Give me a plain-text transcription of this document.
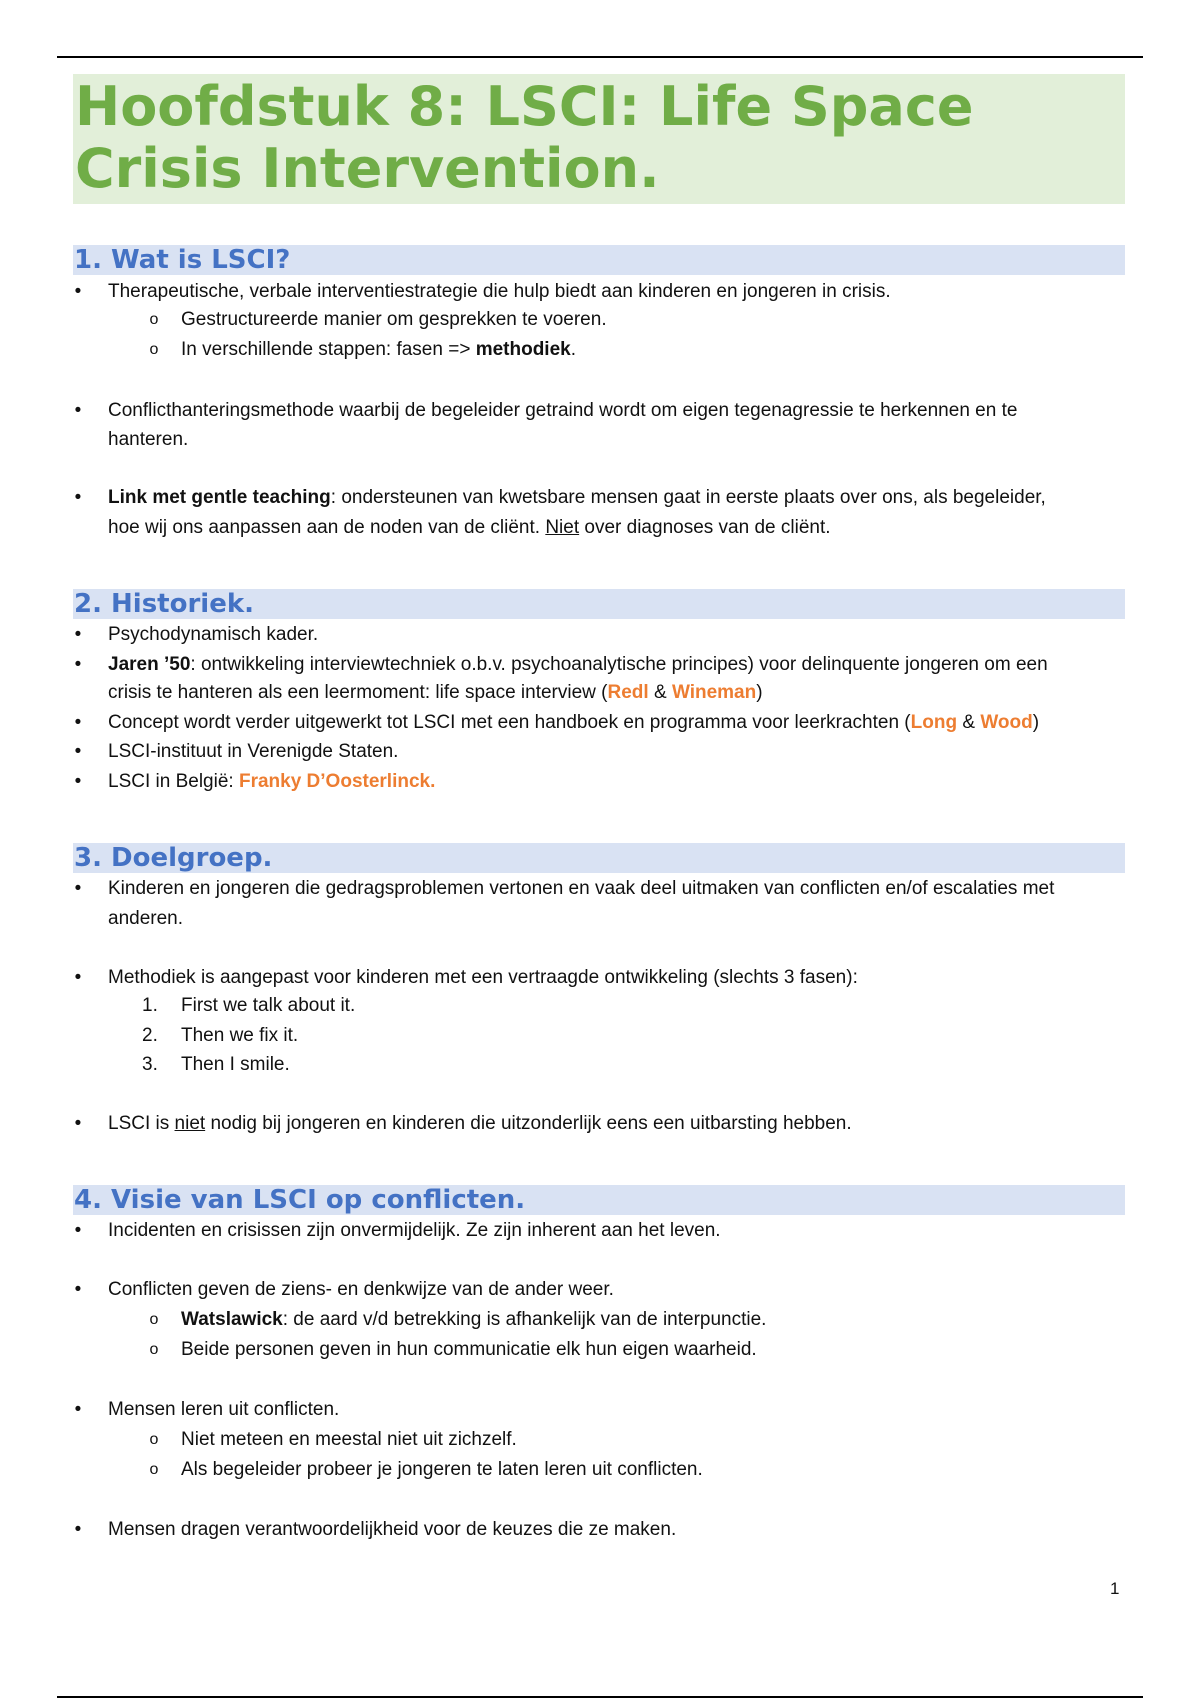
Hoofdstuk 8: LSCI: Life Space Crisis Intervention.
1. Wat is LSCI?
• Therapeutische, verbale interventiestrategie die hulp biedt aan kinderen en jongeren in crisis.
o Gestructureerde manier om gesprekken te voeren.
o In verschillende stappen: fasen => methodiek.
• Conflicthanteringsmethode waarbij de begeleider getraind wordt om eigen tegenagressie te herkennen en te
hanteren.
• Link met gentle teaching: ondersteunen van kwetsbare mensen gaat in eerste plaats over ons, als begeleider,
hoe wij ons aanpassen aan de noden van de cliënt. Niet over diagnoses van de cliënt.
2. Historiek.
• Psychodynamisch kader.
• Jaren ’50: ontwikkeling interviewtechniek o.b.v. psychoanalytische principes) voor delinquente jongeren om een
crisis te hanteren als een leermoment: life space interview (Redl & Wineman)
• Concept wordt verder uitgewerkt tot LSCI met een handboek en programma voor leerkrachten (Long & Wood)
• LSCI-instituut in Verenigde Staten.
• LSCI in België: Franky D’Oosterlinck.
3. Doelgroep.
• Kinderen en jongeren die gedragsproblemen vertonen en vaak deel uitmaken van conflicten en/of escalaties met
anderen.
• Methodiek is aangepast voor kinderen met een vertraagde ontwikkeling (slechts 3 fasen):
1.	First we talk about it.
2.	Then we fix it.
3.	Then I smile.
• LSCI is niet nodig bij jongeren en kinderen die uitzonderlijk eens een uitbarsting hebben.
4. Visie van LSCI op conflicten.
• Incidenten en crisissen zijn onvermijdelijk. Ze zijn inherent aan het leven.
• Conflicten geven de ziens- en denkwijze van de ander weer.
o Watslawick: de aard v/d betrekking is afhankelijk van de interpunctie.
o Beide personen geven in hun communicatie elk hun eigen waarheid.
• Mensen leren uit conflicten.
o Niet meteen en meestal niet uit zichzelf.
o Als begeleider probeer je jongeren te laten leren uit conflicten.
• Mensen dragen verantwoordelijkheid voor de keuzes die ze maken.
1
